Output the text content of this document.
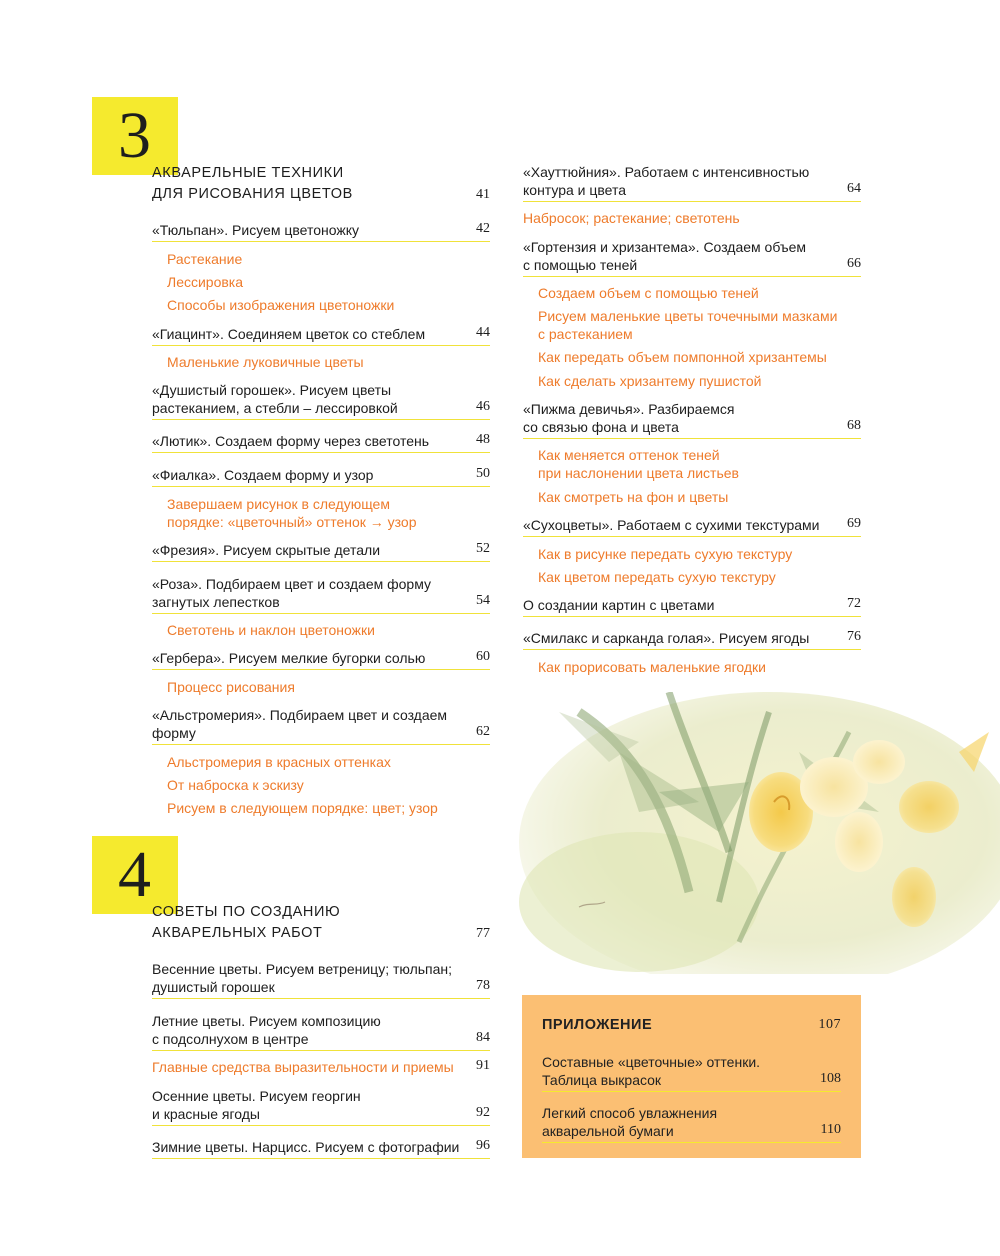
3
АКВАРЕЛЬНЫЕ ТЕХНИКИ
ДЛЯ РИСОВАНИЯ ЦВЕТОВ	41
«Тюльпан». Рисуем цветоножку	42
Растекание
Лессировка
Способы изображения цветоножки
«Гиацинт». Соединяем цветок со стеблем	44
Маленькие луковичные цветы
«Душистый горошек». Рисуем цветы
растеканием, а стебли – лессировкой	46
«Лютик». Создаем форму через светотень	48
«Фиалка». Создаем форму и узор	50
Завершаем рисунок в следующем
порядке: «цветочный» оттенок → узор
«Фрезия». Рисуем скрытые детали	52
«Роза». Подбираем цвет и создаем форму
загнутых лепестков	54
Светотень и наклон цветоножки
«Гербера». Рисуем мелкие бугорки солью	60
Процесс рисования
«Альстромерия». Подбираем цвет и создаем
форму	62
Альстромерия в красных оттенках
От наброска к эскизу
Рисуем в следующем порядке: цвет; узор
«Хауттюйния». Работаем с интенсивностью
контура и цвета	64
Набросок; растекание; светотень
«Гортензия и хризантема». Создаем объем
с помощью теней	66
Создаем объем с помощью теней
Рисуем маленькие цветы точечными мазками
с растеканием
Как передать объем помпонной хризантемы
Как сделать хризантему пушистой
«Пижма девичья». Разбираемся
со связью фона и цвета	68
Как меняется оттенок теней
при наслонении цвета листьев
Как смотреть на фон и цветы
«Сухоцветы». Работаем с сухими текстурами	69
Как в рисунке передать сухую текстуру
Как цветом передать сухую текстуру
О создании картин с цветами	72
«Смилакс и сарканда голая». Рисуем ягоды	76
Как прорисовать маленькие ягодки
4
СОВЕТЫ ПО СОЗДАНИЮ
АКВАРЕЛЬНЫХ РАБОТ	77
Весенние цветы. Рисуем ветреницу; тюльпан;
душистый горошек	78
Летние цветы. Рисуем композицию
с подсолнухом в центре	84
Главные средства выразительности и приемы	91
Осенние цветы. Рисуем георгин
и красные ягоды	92
Зимние цветы. Нарцисс. Рисуем с фотографии 96
ПРИЛОЖЕНИЕ	107
Составные «цветочные» оттенки.
Таблица выкрасок	108
Легкий способ увлажнения
акварельной бумаги	110
